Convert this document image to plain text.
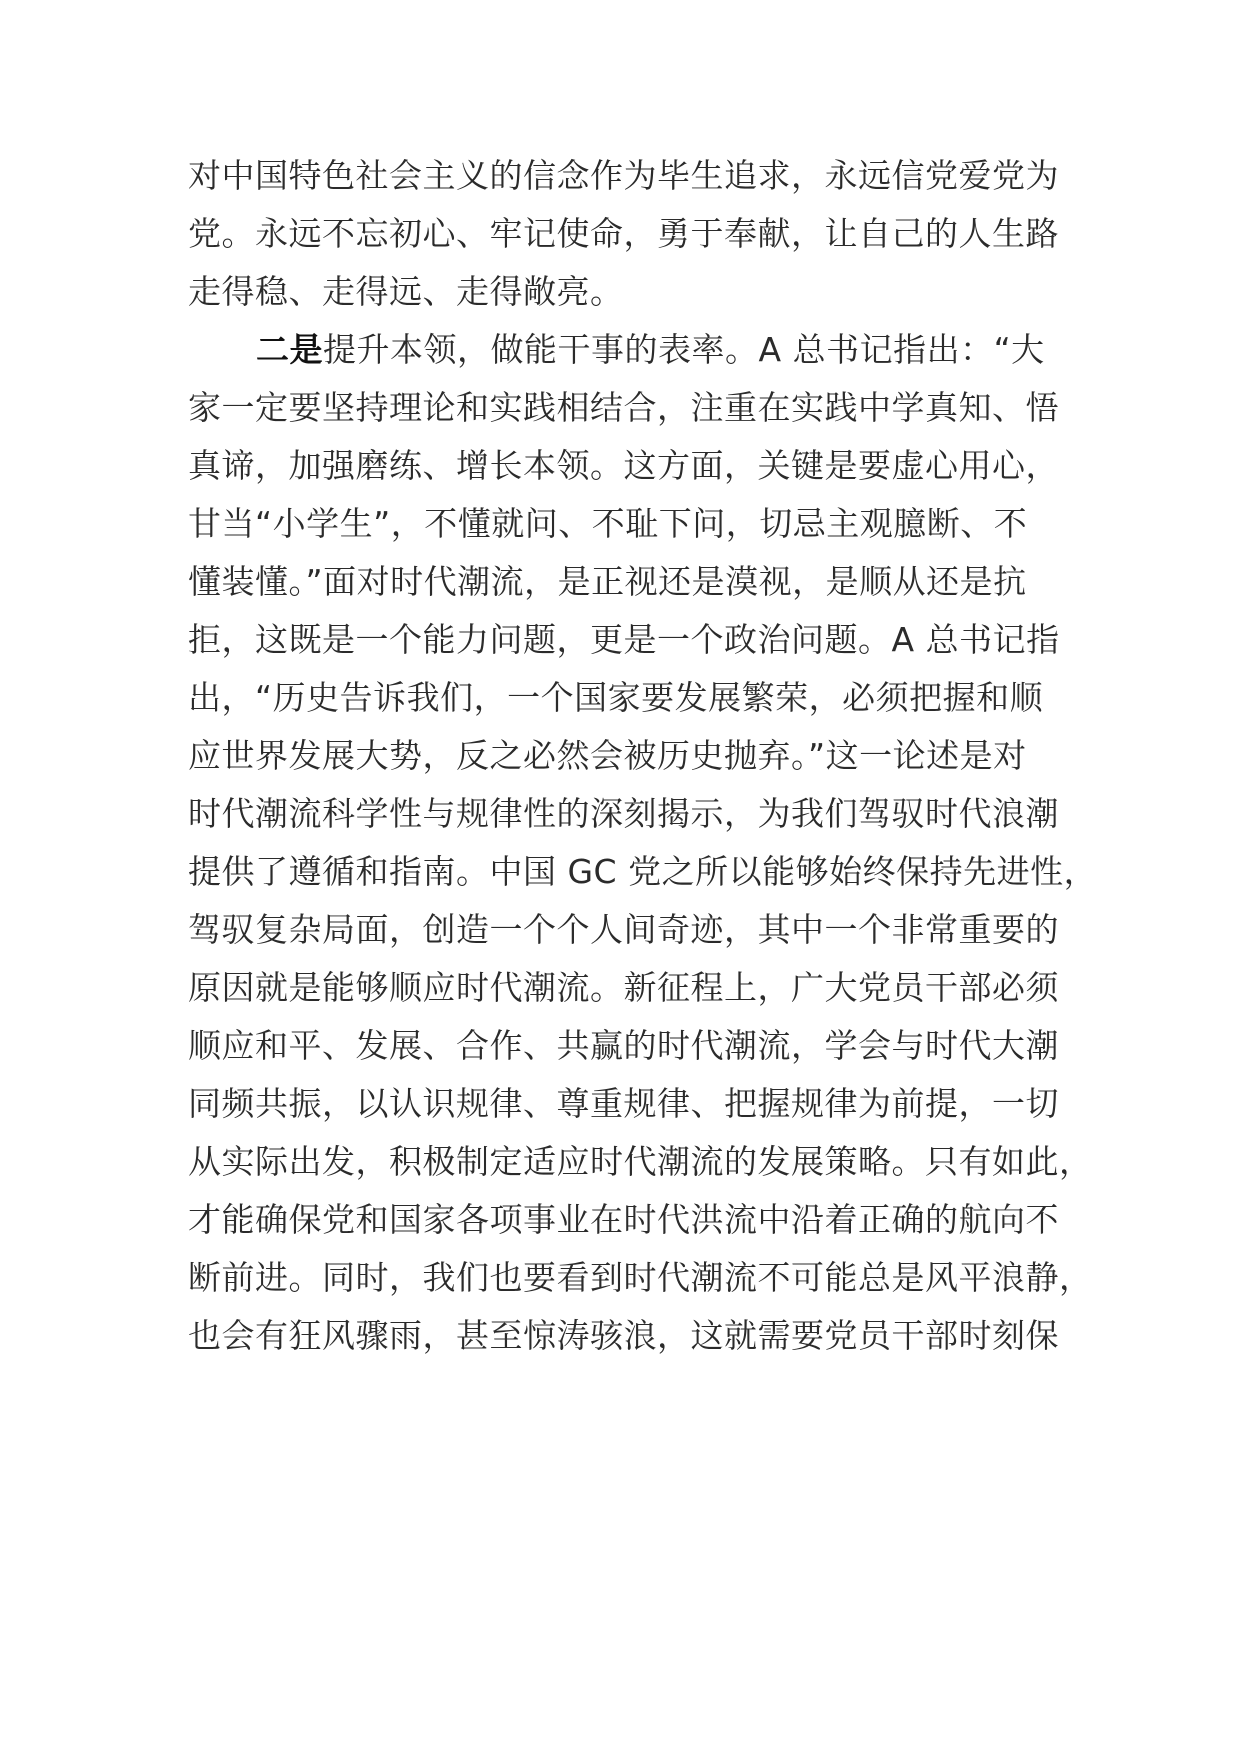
对中国特色社会主义的信念作为毕生追求，永远信党爱党为
党。永远不忘初心、牢记使命，勇于奉献，让自己的人生路
走得稳、走得远、走得敞亮。
二是提升本领，做能干事的表率。A 总书记指出：“大
家一定要坚持理论和实践相结合，注重在实践中学真知、悟
真谛，加强磨练、增长本领。这方面，关键是要虚心用心，
甘当“小学生”，不懂就问、不耻下问，切忌主观臆断、不
懂装懂。”面对时代潮流，是正视还是漠视，是顺从还是抗
拒，这既是一个能力问题，更是一个政治问题。A 总书记指
出，“历史告诉我们，一个国家要发展繁荣，必须把握和顺
应世界发展大势，反之必然会被历史抛弃。”这一论述是对
时代潮流科学性与规律性的深刻揭示，为我们驾驭时代浪潮
提供了遵循和指南。中国 GC 党之所以能够始终保持先进性，
驾驭复杂局面，创造一个个人间奇迹，其中一个非常重要的
原因就是能够顺应时代潮流。新征程上，广大党员干部必须
顺应和平、发展、合作、共赢的时代潮流，学会与时代大潮
同频共振，以认识规律、尊重规律、把握规律为前提，一切
从实际出发，积极制定适应时代潮流的发展策略。只有如此，
才能确保党和国家各项事业在时代洪流中沿着正确的航向不
断前进。同时，我们也要看到时代潮流不可能总是风平浪静，
也会有狂风骤雨，甚至惊涛骇浪，这就需要党员干部时刻保
